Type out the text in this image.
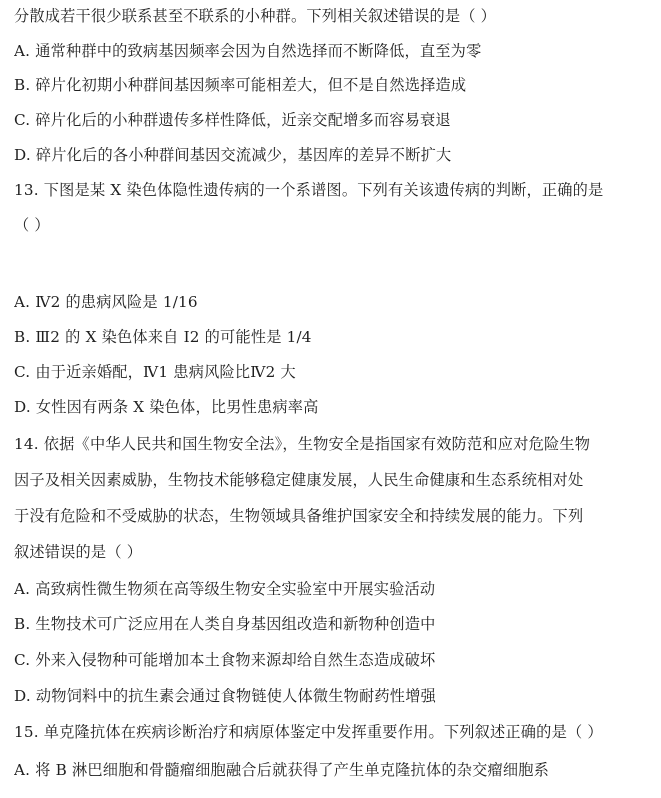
分散成若干很少联系甚至不联系的小种群。下列相关叙述错误的是（ ）
A. 通常种群中的致病基因频率会因为自然选择而不断降低，直至为零
B. 碎片化初期小种群间基因频率可能相差大，但不是自然选择造成
C. 碎片化后的小种群遗传多样性降低，近亲交配增多而容易衰退
D. 碎片化后的各小种群间基因交流减少，基因库的差异不断扩大
13. 下图是某 X 染色体隐性遗传病的一个系谱图。下列有关该遗传病的判断，正确的是
（ ）
A. Ⅳ2 的患病风险是 1/16
B. Ⅲ2 的 X 染色体来自 Ⅰ2 的可能性是 1/4
C. 由于近亲婚配，Ⅳ1 患病风险比Ⅳ2 大
D. 女性因有两条 X 染色体，比男性患病率高
14. 依据《中华人民共和国生物安全法》，生物安全是指国家有效防范和应对危险生物
因子及相关因素威胁，生物技术能够稳定健康发展，人民生命健康和生态系统相对处
于没有危险和不受威胁的状态，生物领域具备维护国家安全和持续发展的能力。下列
叙述错误的是（ ）
A. 高致病性微生物须在高等级生物安全实验室中开展实验活动
B. 生物技术可广泛应用在人类自身基因组改造和新物种创造中
C. 外来入侵物种可能增加本土食物来源却给自然生态造成破坏
D. 动物饲料中的抗生素会通过食物链使人体微生物耐药性增强
15. 单克隆抗体在疾病诊断治疗和病原体鉴定中发挥重要作用。下列叙述正确的是（ ）
A. 将 B 淋巴细胞和骨髓瘤细胞融合后就获得了产生单克隆抗体的杂交瘤细胞系
